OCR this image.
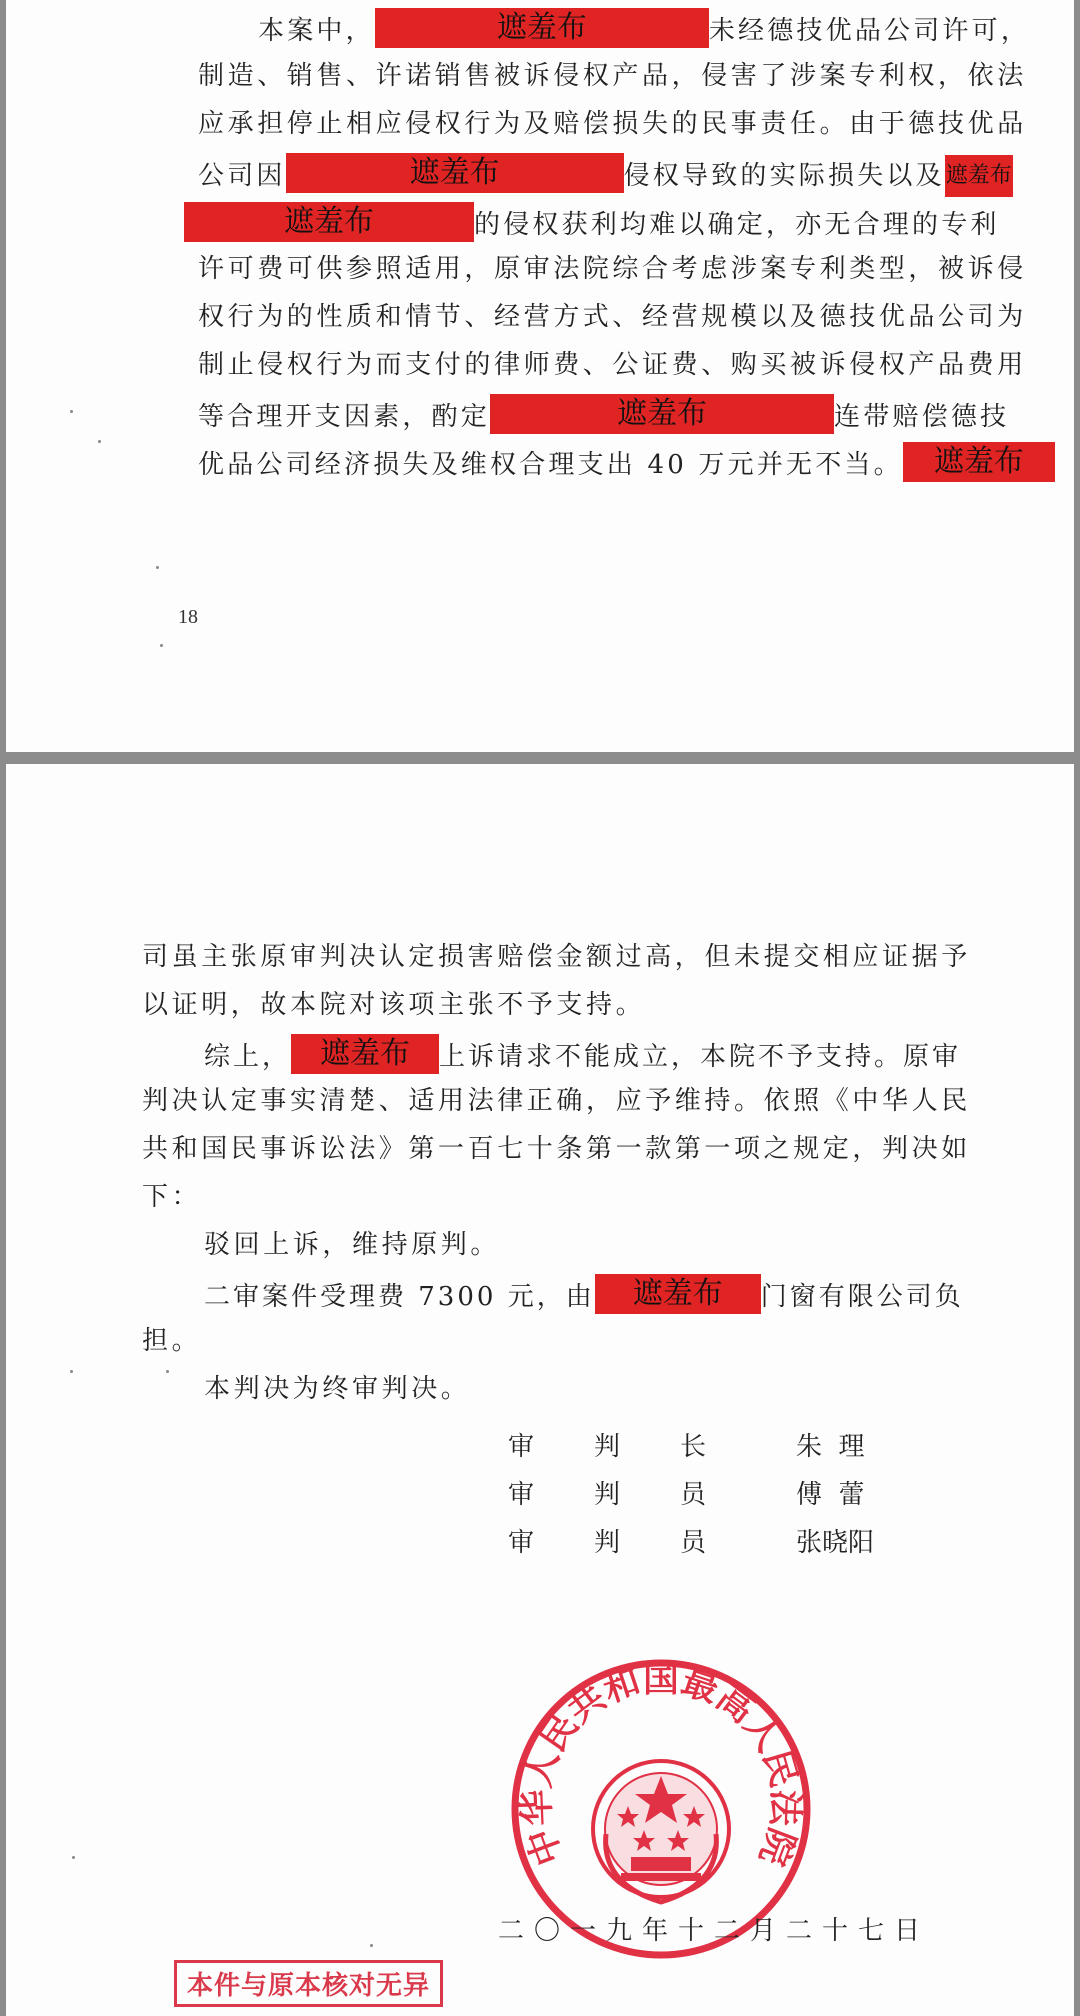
本案中，	遮羞布	未经德技优品公司许可，
制造、销售、许诺销售被诉侵权产品，侵害了涉案专利权，依法
应承担停止相应侵权行为及赔偿损失的民事责任。由于德技优品
公司因	遮羞布	侵权导致的实际损失以及遮羞布
遮羞布	的侵权获利均难以确定，亦无合理的专利
许可费可供参照适用，原审法院综合考虑涉案专利类型，被诉侵
权行为的性质和情节、经营方式、经营规模以及德技优品公司为
制止侵权行为而支付的律师费、公证费、购买被诉侵权产品费用
等合理开支因素，酌定	遮羞布	连带赔偿德技
优品公司经济损失及维权合理支出 40 万元并无不当。 遮羞布
18
司虽主张原审判决认定损害赔偿金额过高，但未提交相应证据予
以证明，故本院对该项主张不予支持。
综上， 遮羞布 上诉请求不能成立，本院不予支持。原审
判决认定事实清楚、适用法律正确，应予维持。依照《中华人民
共和国民事诉讼法》第一百七十条第一款第一项之规定，判决如
下：
驳回上诉，维持原判。
二审案件受理费 7300 元，由 遮羞布 门窗有限公司负
担。
本判决为终审判决。
审 判 长	朱  理
审 判 员	傅  蕾
审 判 员	张晓阳
中华人民共和国最高人民法院
二〇一九年十二月二十七日
本件与原本核对无异
